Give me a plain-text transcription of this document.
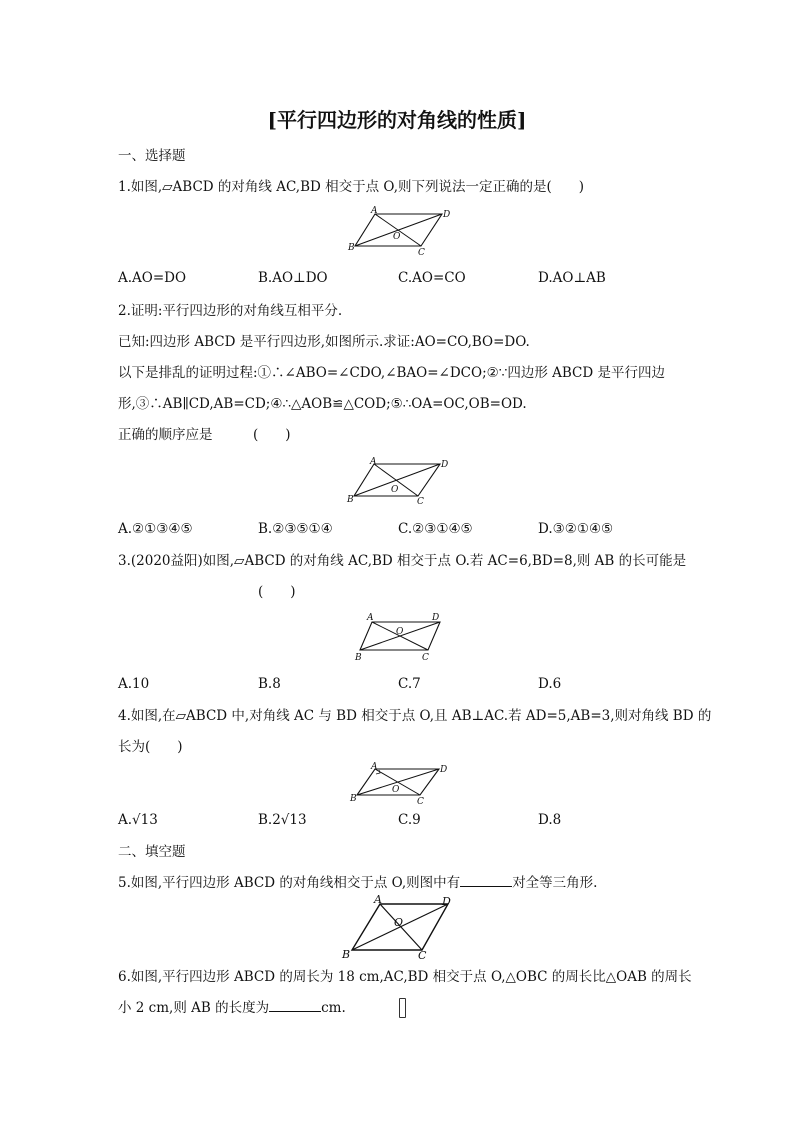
[平行四边形的对角线的性质]
一、选择题
1.如图,▱ABCD 的对角线 AC,BD 相交于点 O,则下列说法一定正确的是(　　)
A	D
B	C
O
A.AO=DO	B.AO⊥DO	C.AO=CO	D.AO⊥AB
2.证明:平行四边形的对角线互相平分.
已知:四边形 ABCD 是平行四边形,如图所示.求证:AO=CO,BO=DO.
以下是排乱的证明过程:①∴∠ABO=∠CDO,∠BAO=∠DCO;②∵四边形 ABCD 是平行四边
形,③∴AB∥CD,AB=CD;④∴△AOB≌△COD;⑤∴OA=OC,OB=OD.
正确的顺序应是　　　(　　)
A	D
B	C
O
A.②①③④⑤	B.②③⑤①④	C.②③①④⑤	D.③②①④⑤
3.(2020益阳)如图,▱ABCD 的对角线 AC,BD 相交于点 O.若 AC=6,BD=8,则 AB 的长可能是
(　　)
A	D
B	C
O
A.10	B.8	C.7	D.6
4.如图,在▱ABCD 中,对角线 AC 与 BD 相交于点 O,且 AB⊥AC.若 AD=5,AB=3,则对角线 BD 的
长为(　　)
A	D
B	C
O
A.√13	B.2√13	C.9	D.8
二、填空题
5.如图,平行四边形 ABCD 的对角线相交于点 O,则图中有	对全等三角形.
A	D
B	C
O
6.如图,平行四边形 ABCD 的周长为 18 cm,AC,BD 相交于点 O,△OBC 的周长比△OAB 的周长
小 2 cm,则 AB 的长度为	cm.
